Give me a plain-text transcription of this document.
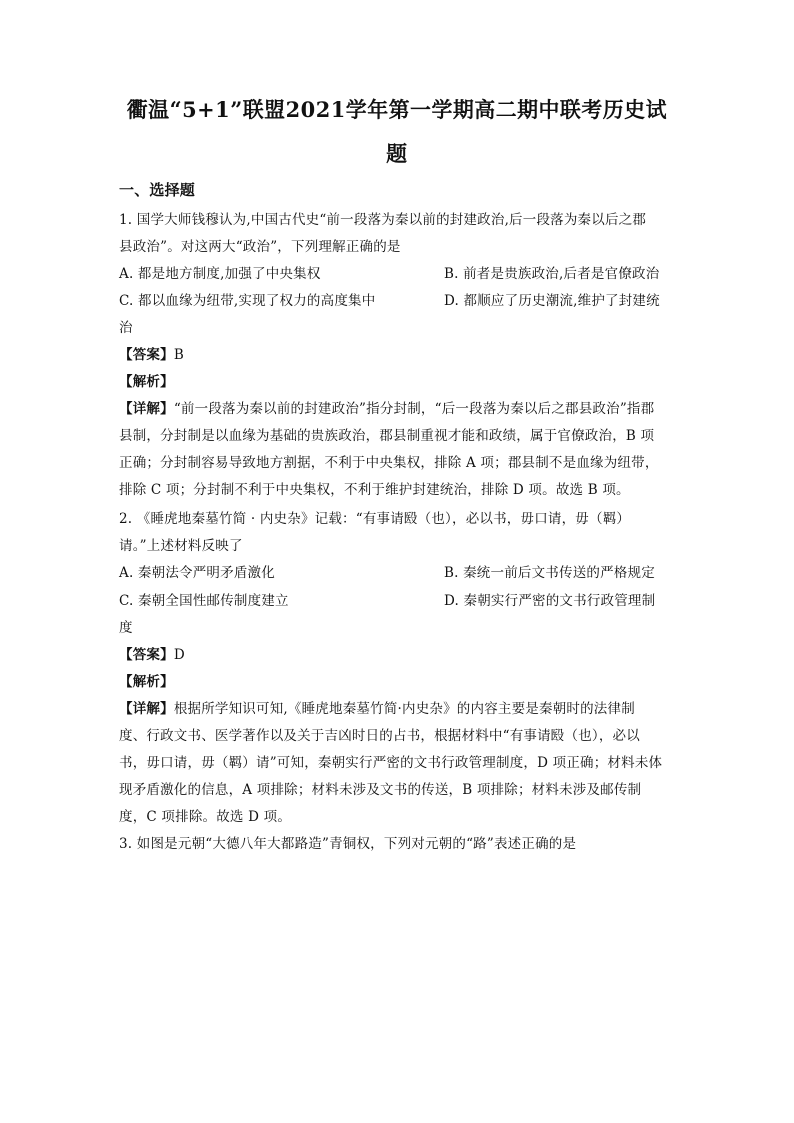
衢温“5+1”联盟2021学年第一学期高二期中联考历史试
题
一、选择题
1. 国学大师钱穆认为,中国古代史“前一段落为秦以前的封建政治,后一段落为秦以后之郡
县政治”。对这两大“政治”，下列理解正确的是
A. 都是地方制度,加强了中央集权	B. 前者是贵族政治,后者是官僚政治
C. 都以血缘为纽带,实现了权力的高度集中	D. 都顺应了历史潮流,维护了封建统
治
【答案】B
【解析】
【详解】“前一段落为秦以前的封建政治”指分封制，“后一段落为秦以后之郡县政治”指郡
县制，分封制是以血缘为基础的贵族政治，郡县制重视才能和政绩，属于官僚政治，B 项
正确；分封制容易导致地方割据，不利于中央集权，排除 A 项；郡县制不是血缘为纽带，
排除 C 项；分封制不利于中央集权，不利于维护封建统治，排除 D 项。故选 B 项。
2. 《睡虎地秦墓竹简 · 内史杂》记载：“有事请殹（也），必以书，毋口请，毋（羁）
请。”上述材料反映了
A. 秦朝法令严明矛盾激化	B. 秦统一前后文书传送的严格规定
C. 秦朝全国性邮传制度建立	D. 秦朝实行严密的文书行政管理制
度
【答案】D
【解析】
【详解】根据所学知识可知,《睡虎地秦墓竹简·内史杂》的内容主要是秦朝时的法律制
度、行政文书、医学著作以及关于吉凶时日的占书，根据材料中“有事请殹（也），必以
书，毋口请，毋（羁）请”可知，秦朝实行严密的文书行政管理制度，D 项正确；材料未体
现矛盾激化的信息，A 项排除；材料未涉及文书的传送，B 项排除；材料未涉及邮传制
度，C 项排除。故选 D 项。
3. 如图是元朝“大德八年大都路造”青铜权，下列对元朝的“路”表述正确的是
